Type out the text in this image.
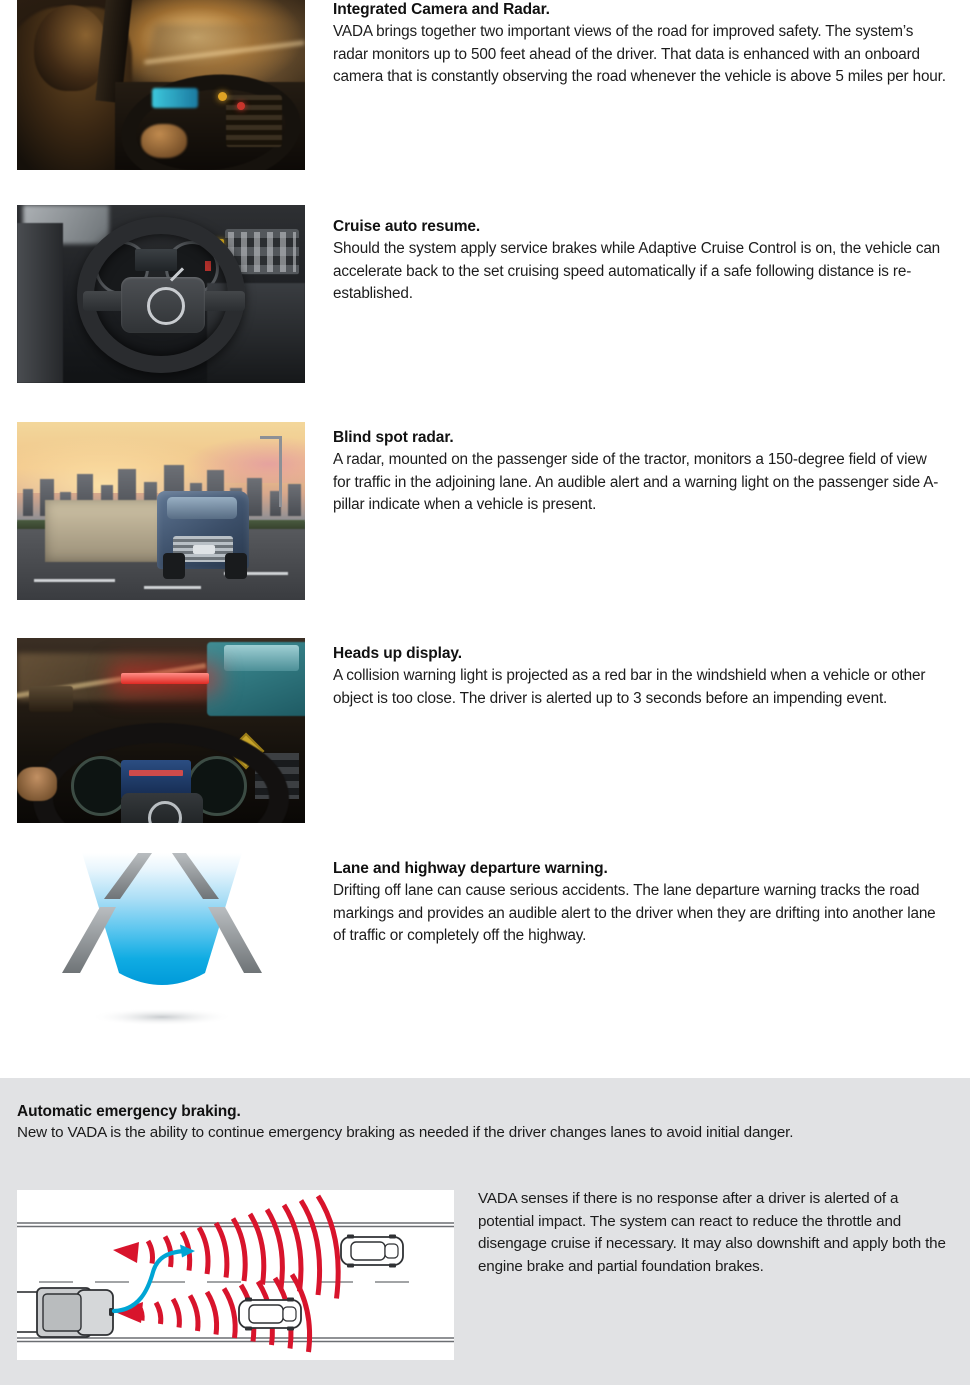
Integrated Camera and Radar.

VADA brings together two important views of the road for improved safety. The system’s radar monitors up to 500 feet ahead of the driver. That data is enhanced with an onboard camera that is constantly observing the road whenever the vehicle is above 5 miles per hour.

Cruise auto resume.

Should the system apply service brakes while Adaptive Cruise Control is on, the vehicle can accelerate back to the set cruising speed automatically if a safe following distance is re-established.

Blind spot radar.

A radar, mounted on the passenger side of the tractor, monitors a 150-degree field of view for traffic in the adjoining lane. An audible alert and a warning light on the passenger side A-pillar indicate when a vehicle is present.

Heads up display.

A collision warning light is projected as a red bar in the windshield when a vehicle or other object is too close. The driver is alerted up to 3 seconds before an impending event.

Lane and highway departure warning.

Drifting off lane can cause serious accidents. The lane departure warning tracks the road markings and provides an audible alert to the driver when they are drifting into another lane of traffic or completely off the highway.

Automatic emergency braking.

New to VADA is the ability to continue emergency braking as needed if the driver changes lanes to avoid initial danger.

VADA senses if there is no response after a driver is alerted of a potential impact. The system can react to reduce the throttle and disengage cruise if necessary. It may also downshift and apply both the engine brake and partial foundation brakes.
